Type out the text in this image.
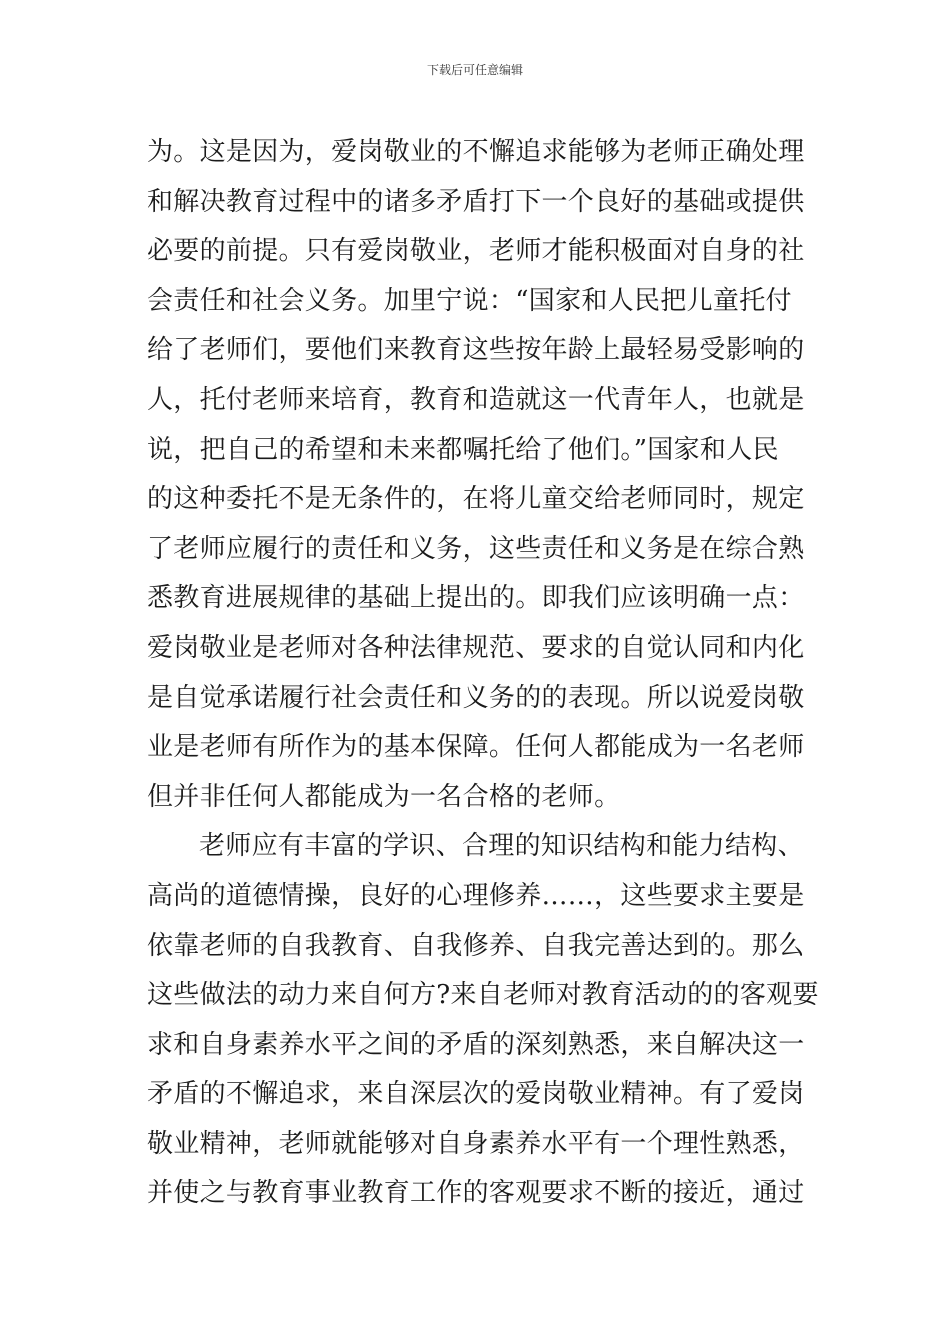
下载后可任意编辑
为。这是因为，爱岗敬业的不懈追求能够为老师正确处理
和解决教育过程中的诸多矛盾打下一个良好的基础或提供
必要的前提。只有爱岗敬业，老师才能积极面对自身的社
会责任和社会义务。加里宁说：“国家和人民把儿童托付
给了老师们，要他们来教育这些按年龄上最轻易受影响的
人，托付老师来培育，教育和造就这一代青年人，也就是
说，把自己的希望和未来都嘱托给了他们。”国家和人民
的这种委托不是无条件的，在将儿童交给老师同时，规定
了老师应履行的责任和义务，这些责任和义务是在综合熟
悉教育进展规律的基础上提出的。即我们应该明确一点：
爱岗敬业是老师对各种法律规范、要求的自觉认同和内化
是自觉承诺履行社会责任和义务的的表现。所以说爱岗敬
业是老师有所作为的基本保障。任何人都能成为一名老师
但并非任何人都能成为一名合格的老师。
老师应有丰富的学识、合理的知识结构和能力结构、
高尚的道德情操，良好的心理修养……，这些要求主要是
依靠老师的自我教育、自我修养、自我完善达到的。那么
这些做法的动力来自何方?来自老师对教育活动的的客观要
求和自身素养水平之间的矛盾的深刻熟悉，来自解决这一
矛盾的不懈追求，来自深层次的爱岗敬业精神。有了爱岗
敬业精神，老师就能够对自身素养水平有一个理性熟悉，
并使之与教育事业教育工作的客观要求不断的接近，通过
